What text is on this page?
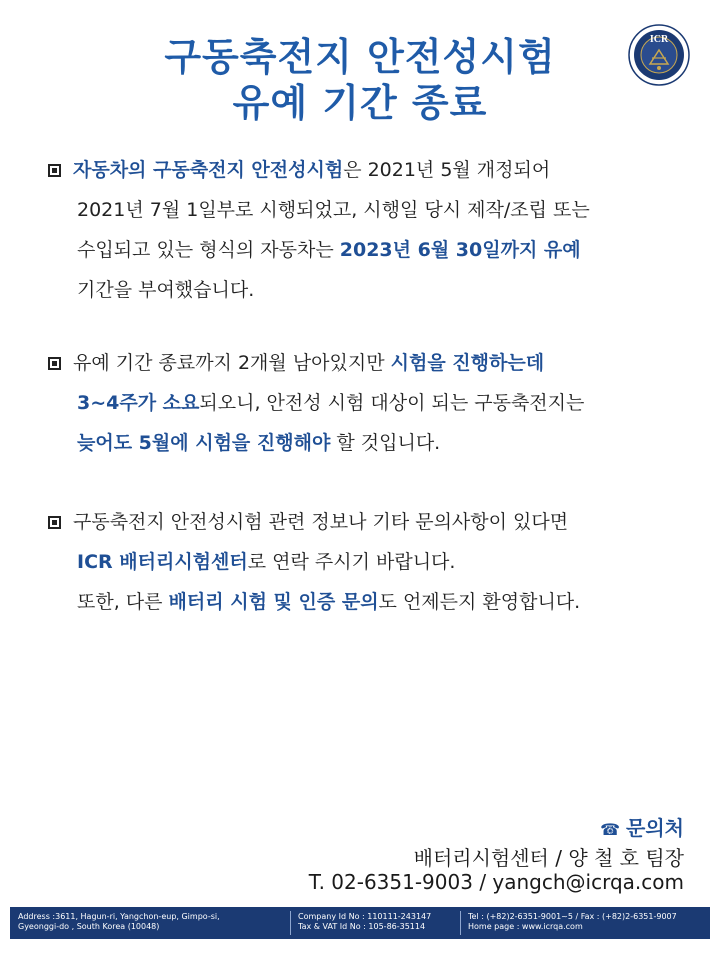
구동축전지 안전성시험
유예 기간 종료
ICR
자동차의 구동축전지 안전성시험은 2021년 5월 개정되어
2021년 7월 1일부로 시행되었고, 시행일 당시 제작/조립 또는
수입되고 있는 형식의 자동차는 2023년 6월 30일까지 유예
기간을 부여했습니다.
유예 기간 종료까지 2개월 남아있지만 시험을 진행하는데
3~4주가 소요되오니, 안전성 시험 대상이 되는 구동축전지는
늦어도 5월에 시험을 진행해야 할 것입니다.
구동축전지 안전성시험 관련 정보나 기타 문의사항이 있다면
ICR 배터리시험센터로 연락 주시기 바랍니다.
또한, 다른 배터리 시험 및 인증 문의도 언제든지 환영합니다.
☎ 문의처
배터리시험센터 / 양 철 호 팀장
T. 02-6351-9003 / yangch@icrqa.com
Address :3611, Hagun-ri, Yangchon-eup, Gimpo-si,
Gyeonggi-do , South Korea (10048)
Company Id No : 110111-243147
Tax & VAT Id No : 105-86-35114
Tel : (+82)2-6351-9001~5 / Fax : (+82)2-6351-9007
Home page : www.icrqa.com
